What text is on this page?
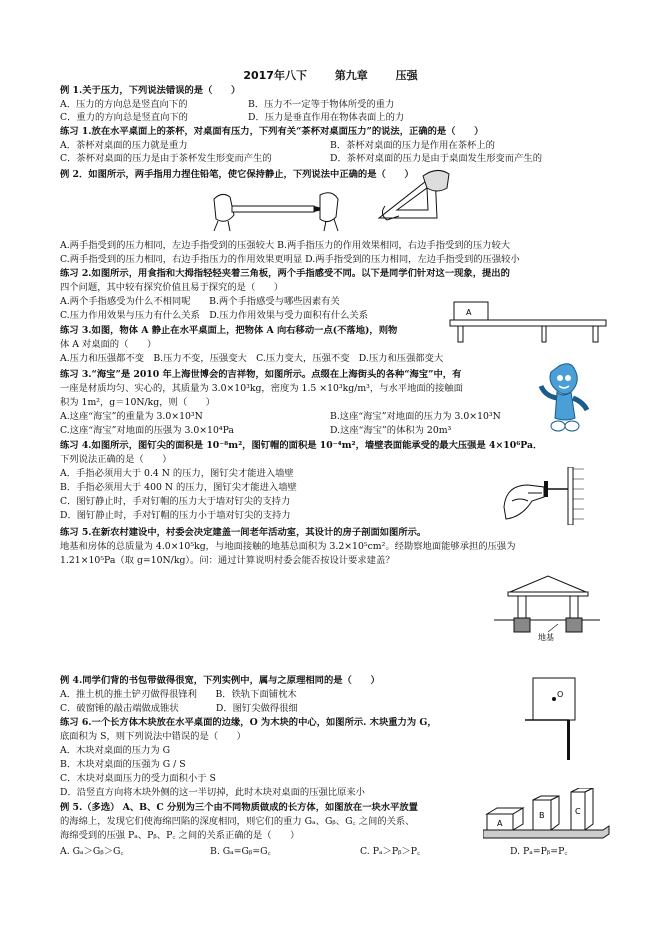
2017年八下	第九章	压强
例 1.关于压力，下列说法错误的是（　　）
A．压力的方向总是竖直向下的	B．压力不一定等于物体所受的重力
C．重力的方向总是竖直向下的	D．压力是垂直作用在物体表面上的力
练习 1.放在水平桌面上的茶杯，对桌面有压力，下列有关“茶杯对桌面压力”的说法，正确的是（　　）
A．茶杯对桌面的压力就是重力	B．茶杯对桌面的压力是作用在茶杯上的
C．茶杯对桌面的压力是由于茶杯发生形变而产生的	D．茶杯对桌面的压力是由于桌面发生形变而产生的
例 2．如图所示，两手指用力捏住铅笔，使它保持静止，下列说法中正确的是（　　）
A.两手指受到的压力相同，左边手指受到的压强较大 B.两手指压力的作用效果相同，右边手指受到的压力较大
C.两手指受到的压力相同，右边手指压力的作用效果更明显 D.两手指受到的压力相同，左边手指受到的压强较小
练习 2.如图所示，用食指和大拇指轻轻夹着三角板，两个手指感受不同。以下是同学们针对这一现象，提出的
四个问题，其中较有探究价值且易于探究的是（　　）
A.两个手指感受为什么不相同呢　　B.两个手指感受与哪些因素有关
C.压力作用效果与压力有什么关系　D.压力作用效果与受力面积有什么关系
练习 3.如图，物体 A 静止在水平桌面上，把物体 A 向右移动一点(不落地)，则物
体 A 对桌面的（　　）
A.压力和压强都不变　B.压力不变，压强变大　C.压力变大，压强不变　D.压力和压强都变大
练习 3.“海宝”是 2010 年上海世博会的吉祥物，如图所示。点缀在上海街头的各种“海宝”中，有
一座是材质均匀、实心的，其质量为 3.0×10³kg，密度为 1.5 ×10³kg/m³，与水平地面的接触面
积为 1m²，g＝10N/kg，则（　　）
A.这座“海宝”的重量为 3.0×10³N	B.这座“海宝”对地面的压力为 3.0×10³N
C.这座“海宝”对地面的压强为 3.0×10⁴Pa	D.这座“海宝”的体积为 20m³
练习 4.如图所示，图钉尖的面积是 10⁻⁸m²，图钉帽的面积是 10⁻⁴m²，墙壁表面能承受的最大压强是 4×10⁶Pa．
下列说法正确的是（　　）
A．手指必须用大于 0.4 N 的压力，图钉尖才能进入墙壁
B．手指必须用大于 400 N 的压力，图钉尖才能进入墙壁
C．图钉静止时，手对钉帽的压力大于墙对钉尖的支持力
D．图钉静止时，手对钉帽的压力小于墙对钉尖的支持力
练习 5.在新农村建设中，村委会决定建盖一间老年活动室，其设计的房子剖面如图所示。
地基和房体的总质量为 4.0×10⁵kg，与地面接触的地基总面积为 3.2×10⁵cm²。经勘察地面能够承担的压强为
1.21×10⁵Pa（取 g=10N/kg）。问：通过计算说明村委会能否按设计要求建盖？
例 4.同学们背的书包带做得很宽，下列实例中，属与之原理相同的是（　　）
A．推土机的推土铲刃做得很锋利　　B．铁轨下面铺枕木
C．破窗锤的敲击端做成锥状　　　　D．图钉尖做得很细
练习 6.一个长方体木块放在水平桌面的边缘，O 为木块的中心，如图所示. 木块重力为 G，
底面积为 S，则下列说法中错误的是（　　）
A．木块对桌面的压力为 G
B．木块对桌面的压强为 G / S
C．木块对桌面压力的受力面积小于 S
D．沿竖直方向将木块外侧的这一半切掉，此时木块对桌面的压强比原来小
例 5.（多选） A、B、C 分别为三个由不同物质做成的长方体，如图放在一块水平放置
的海绵上，发现它们使海绵凹陷的深度相同，则它们的重力 Gₐ、Gᵦ、G꜀ 之间的关系、
海绵受到的压强 Pₐ、Pᵦ、P꜀ 之间的关系正确的是（　　）
A. Gₐ＞Gᵦ＞G꜀	B. Gₐ=Gᵦ=G꜀	C. Pₐ＞Pᵦ＞P꜀	D. Pₐ=Pᵦ=P꜀
A
地基
O
A
B	C
